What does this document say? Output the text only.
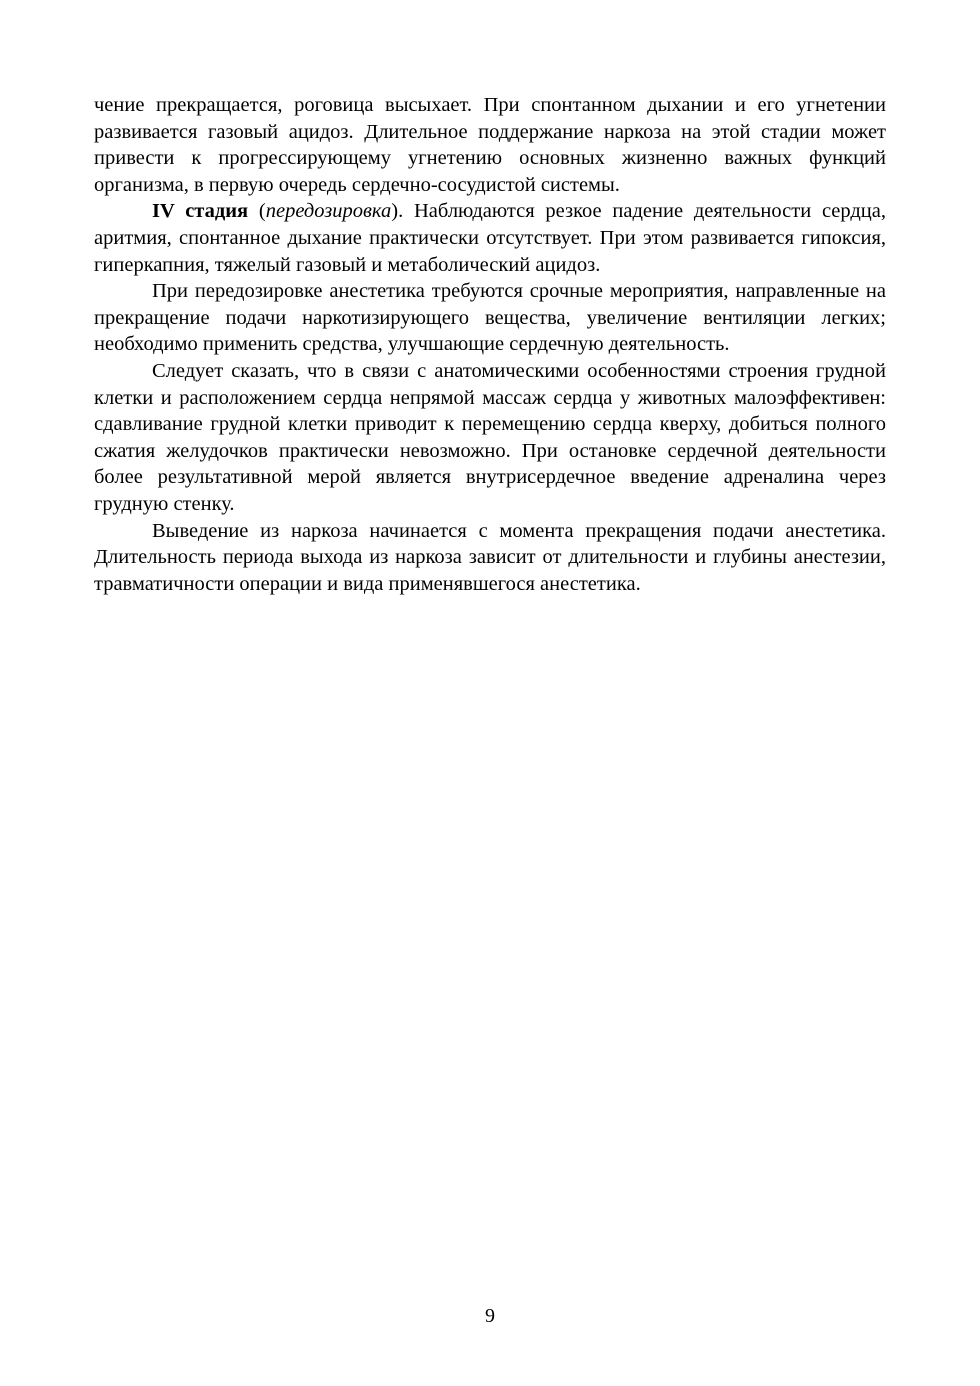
чение прекращается, роговица высыхает. При спонтанном дыхании и его угнетении развивается газовый ацидоз. Длительное поддержание наркоза на этой стадии может привести к прогрессирующему угнетению основных жизненно важных функций организма, в первую очередь сердечно-сосудистой системы.

IV стадия (передозировка). Наблюдаются резкое падение деятельности сердца, аритмия, спонтанное дыхание практически отсутствует. При этом развивается гипоксия, гиперкапния, тяжелый газовый и метаболический ацидоз.

При передозировке анестетика требуются срочные мероприятия, направленные на прекращение подачи наркотизирующего вещества, увеличение вентиляции легких; необходимо применить средства, улучшающие сердечную деятельность.

Следует сказать, что в связи с анатомическими особенностями строения грудной клетки и расположением сердца непрямой массаж сердца у животных малоэффективен: сдавливание грудной клетки приводит к перемещению сердца кверху, добиться полного сжатия желудочков практически невозможно. При остановке сердечной деятельности более результативной мерой является внутрисердечное введение адреналина через грудную стенку.

Выведение из наркоза начинается с момента прекращения подачи анестетика. Длительность периода выхода из наркоза зависит от длительности и глубины анестезии, травматичности операции и вида применявшегося анестетика.

9
